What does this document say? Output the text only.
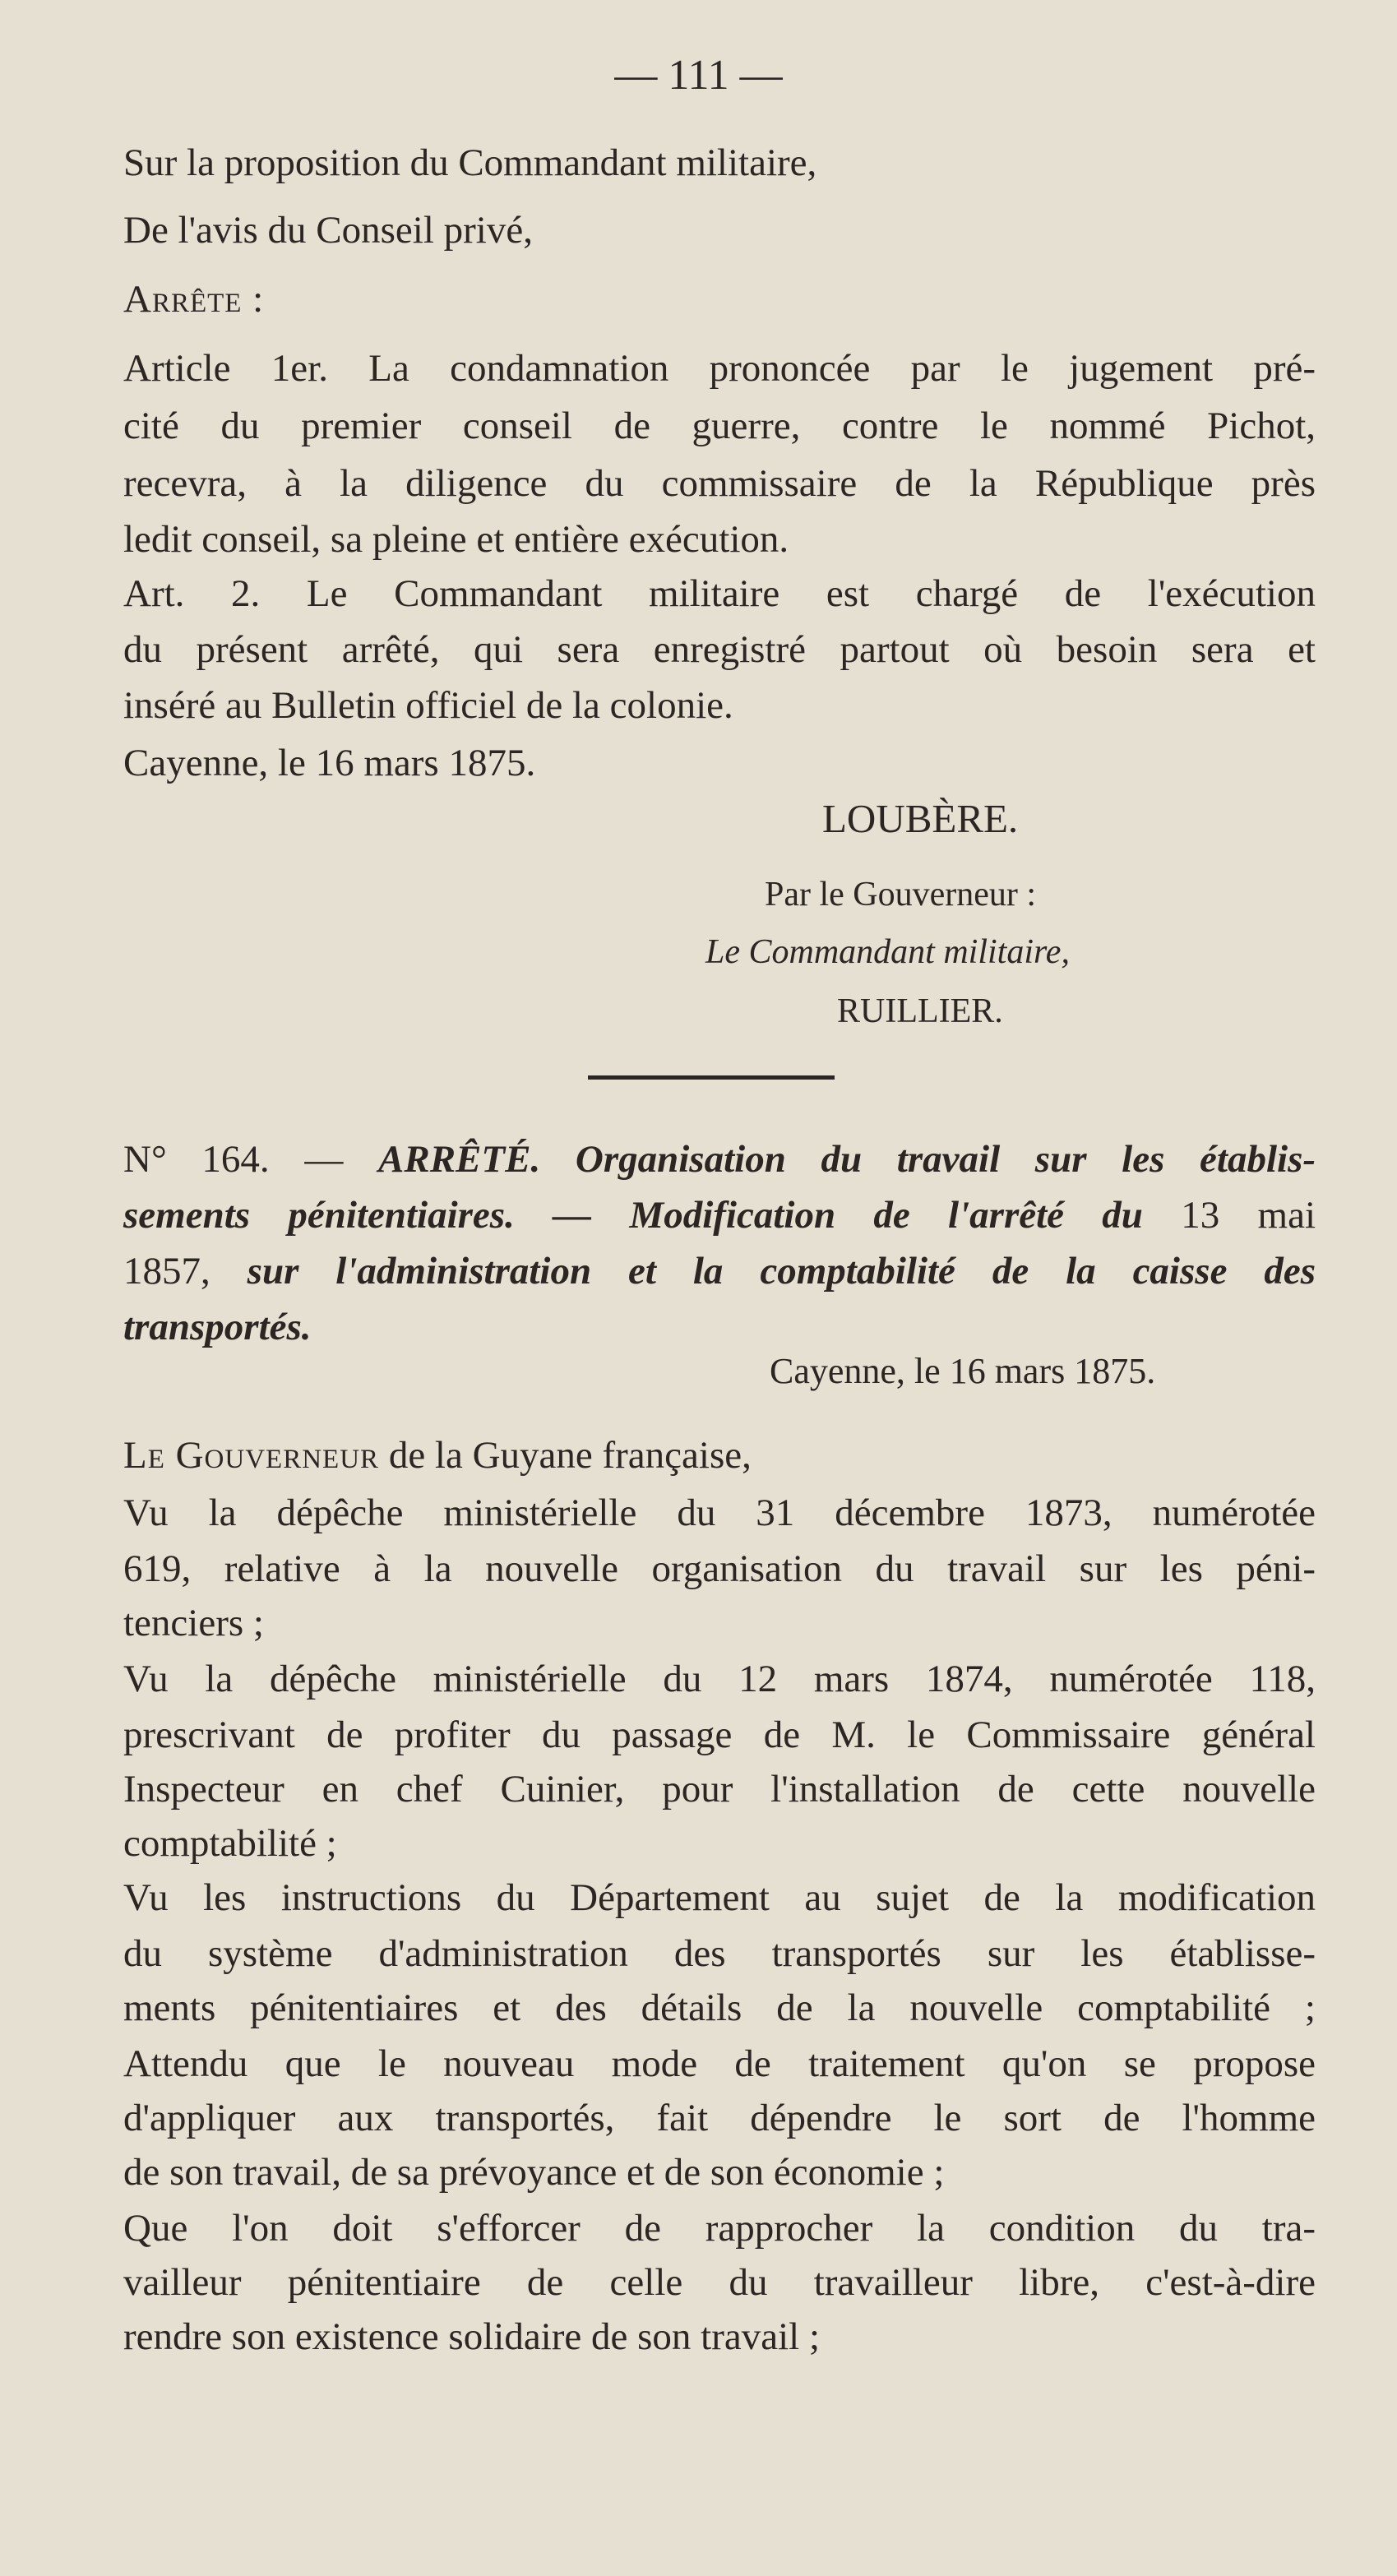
— 111 —
Sur la proposition du Commandant militaire,
De l'avis du Conseil privé,
Arrête :
Article 1er. La condamnation prononcée par le jugement pré-
cité du premier conseil de guerre, contre le nommé Pichot,
recevra, à la diligence du commissaire de la République près
ledit conseil, sa pleine et entière exécution.
Art. 2. Le Commandant militaire est chargé de l'exécution
du présent arrêté, qui sera enregistré partout où besoin sera et
inséré au Bulletin officiel de la colonie.
Cayenne, le 16 mars 1875.
LOUBÈRE.
Par le Gouverneur :
Le Commandant militaire,
RUILLIER.
N° 164. — ARRÊTÉ. Organisation du travail sur les établis-
sements pénitentiaires. — Modification de l'arrêté du 13 mai
1857, sur l'administration et la comptabilité de la caisse des
transportés.
Cayenne, le 16 mars 1875.
Le Gouverneur de la Guyane française,
Vu la dépêche ministérielle du 31 décembre 1873, numérotée
619, relative à la nouvelle organisation du travail sur les péni-
tenciers ;
Vu la dépêche ministérielle du 12 mars 1874, numérotée 118,
prescrivant de profiter du passage de M. le Commissaire général
Inspecteur en chef Cuinier, pour l'installation de cette nouvelle
comptabilité ;
Vu les instructions du Département au sujet de la modification
du système d'administration des transportés sur les établisse-
ments pénitentiaires et des détails de la nouvelle comptabilité ;
Attendu que le nouveau mode de traitement qu'on se propose
d'appliquer aux transportés, fait dépendre le sort de l'homme
de son travail, de sa prévoyance et de son économie ;
Que l'on doit s'efforcer de rapprocher la condition du tra-
vailleur pénitentiaire de celle du travailleur libre, c'est-à-dire
rendre son existence solidaire de son travail ;
